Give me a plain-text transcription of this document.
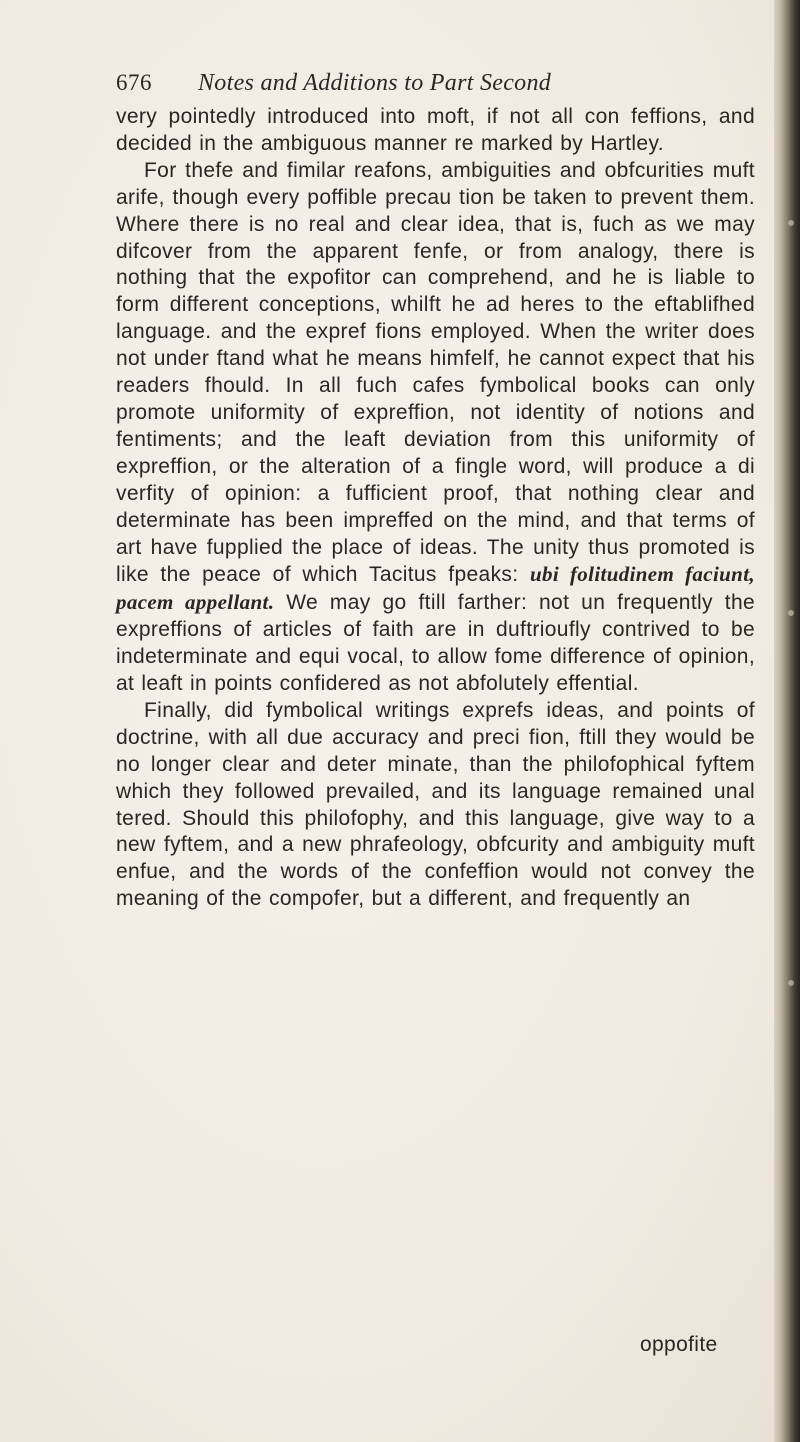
676 Notes and Additions to Part Second

very pointedly introduced into moft, if not all con feffions, and decided in the ambiguous manner re marked by Hartley.

For thefe and fimilar reafons, ambiguities and obfcurities muft arife, though every poffible precau tion be taken to prevent them. Where there is no real and clear idea, that is, fuch as we may difcover from the apparent fenfe, or from analogy, there is nothing that the expofitor can comprehend, and he is liable to form different conceptions, whilft he ad heres to the eftablifhed language. and the expref fions employed. When the writer does not under ftand what he means himfelf, he cannot expect that his readers fhould. In all fuch cafes fymbolical books can only promote uniformity of expreffion, not identity of notions and fentiments; and the leaft deviation from this uniformity of expreffion, or the alteration of a fingle word, will produce a di verfity of opinion: a fufficient proof, that nothing clear and determinate has been impreffed on the mind, and that terms of art have fupplied the place of ideas. The unity thus promoted is like the peace of which Tacitus fpeaks: ubi folitudinem faciunt, pacem appellant. We may go ftill farther: not un frequently the expreffions of articles of faith are in duftrioufly contrived to be indeterminate and equi vocal, to allow fome difference of opinion, at leaft in points confidered as not abfolutely effential.

Finally, did fymbolical writings exprefs ideas, and points of doctrine, with all due accuracy and preci fion, ftill they would be no longer clear and deter minate, than the philofophical fyftem which they followed prevailed, and its language remained unal tered. Should this philofophy, and this language, give way to a new fyftem, and a new phrafeology, obfcurity and ambiguity muft enfue, and the words of the confeffion would not convey the meaning of the compofer, but a different, and frequently an

oppofite
